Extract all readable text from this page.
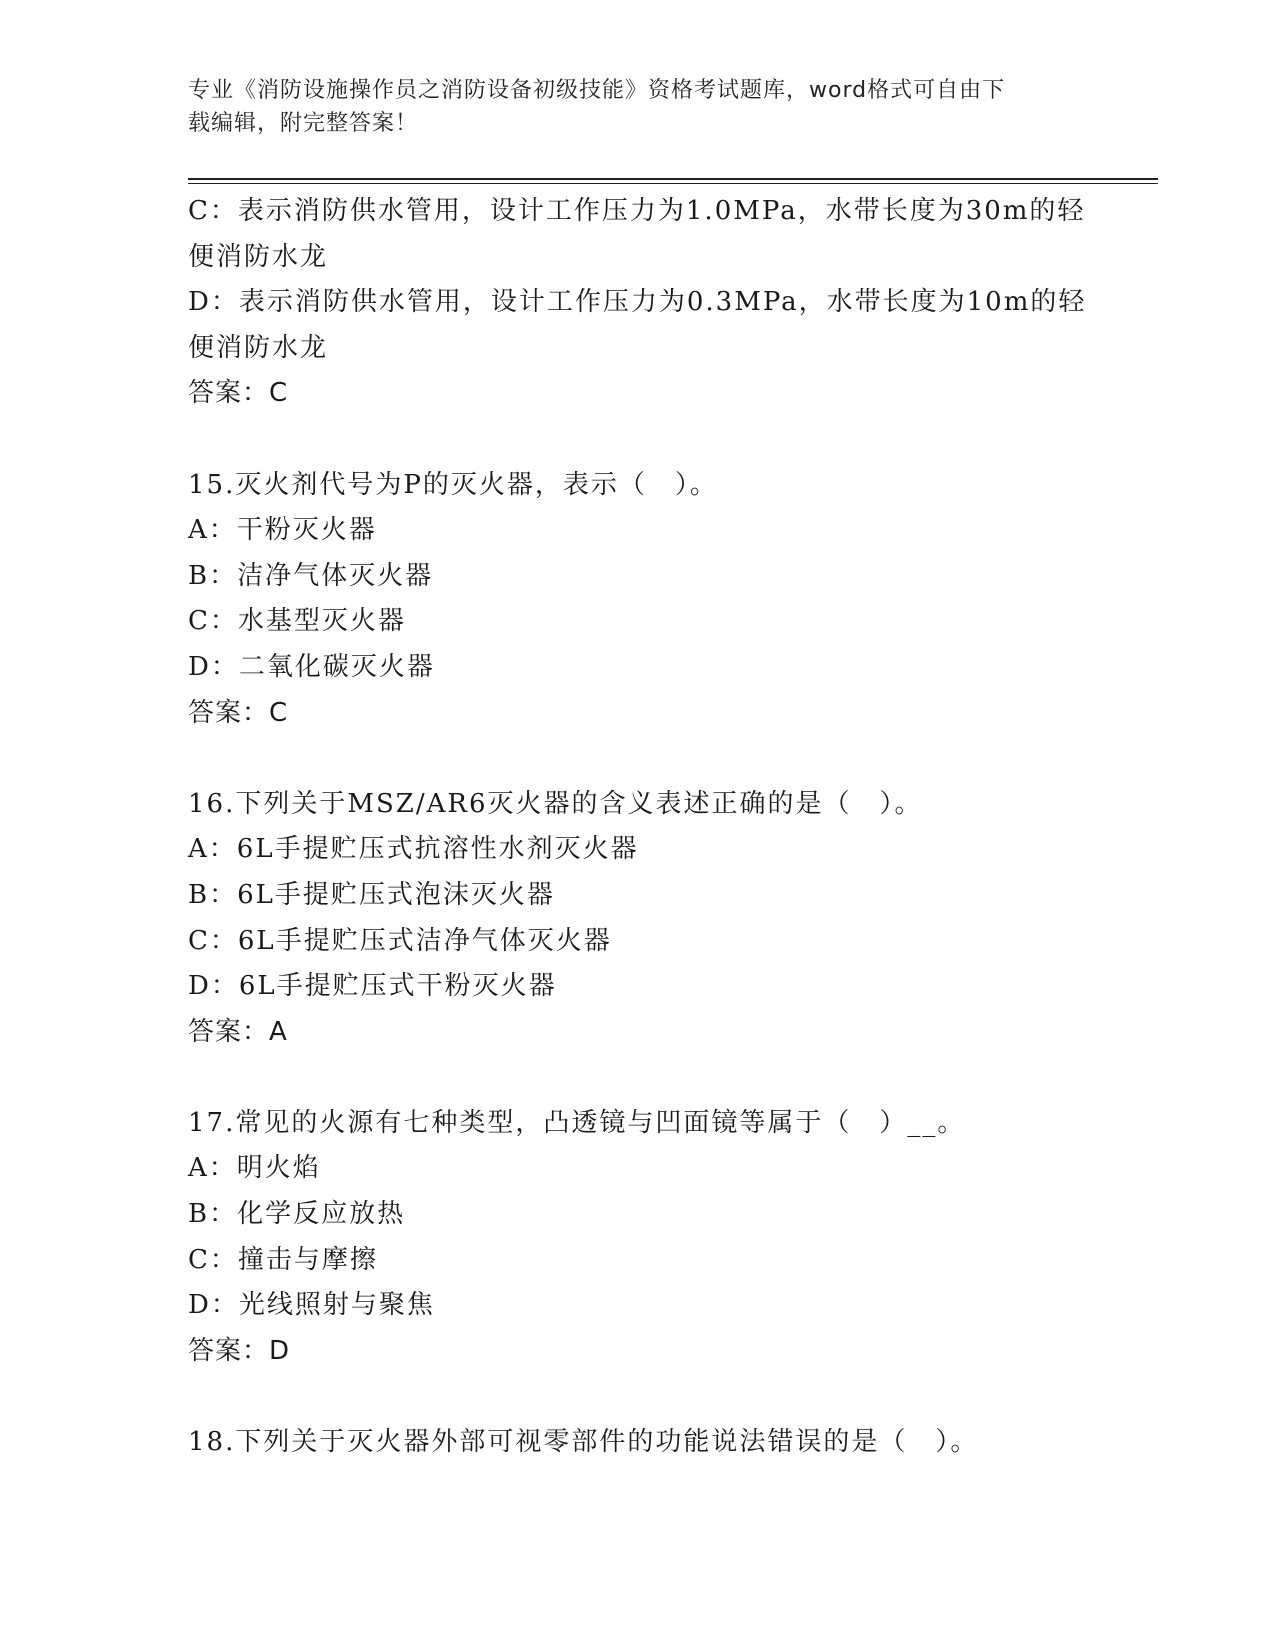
专业《消防设施操作员之消防设备初级技能》资格考试题库，word格式可自由下
载编辑，附完整答案！
C：表示消防供水管用，设计工作压力为1.0MPa，水带长度为30m的轻
便消防水龙
D：表示消防供水管用，设计工作压力为0.3MPa，水带长度为10m的轻
便消防水龙
答案：C
15.灭火剂代号为P的灭火器，表示（　）。
A：干粉灭火器
B：洁净气体灭火器
C：水基型灭火器
D：二氧化碳灭火器
答案：C
16.下列关于MSZ/AR6灭火器的含义表述正确的是（　）。
A：6L手提贮压式抗溶性水剂灭火器
B：6L手提贮压式泡沫灭火器
C：6L手提贮压式洁净气体灭火器
D：6L手提贮压式干粉灭火器
答案：A
17.常见的火源有七种类型，凸透镜与凹面镜等属于（　）__。
A：明火焰
B：化学反应放热
C：撞击与摩擦
D：光线照射与聚焦
答案：D
18.下列关于灭火器外部可视零部件的功能说法错误的是（　）。
